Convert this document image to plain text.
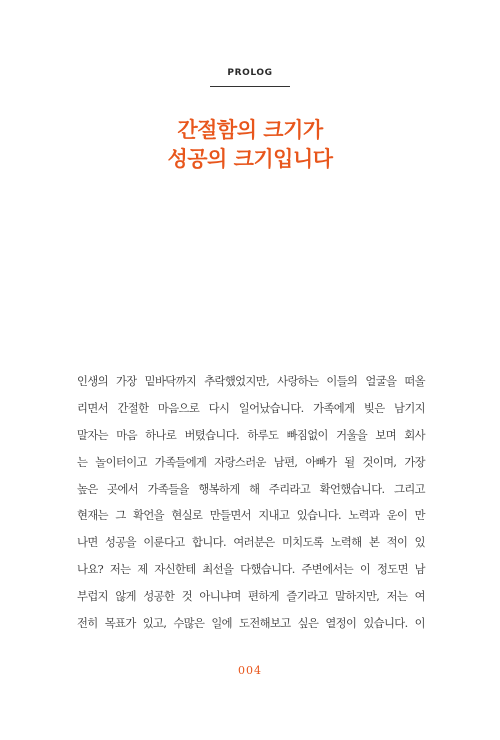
PROLOG
간절함의 크기가
성공의 크기입니다
인생의 가장 밑바닥까지 추락했었지만, 사랑하는 이들의 얼굴을 떠올
리면서 간절한 마음으로 다시 일어났습니다. 가족에게 빚은 남기지
말자는 마음 하나로 버텼습니다. 하루도 빠짐없이 거울을 보며 회사
는 놀이터이고 가족들에게 자랑스러운 남편, 아빠가 될 것이며, 가장
높은 곳에서 가족들을 행복하게 해 주리라고 확언했습니다. 그리고
현재는 그 확언을 현실로 만들면서 지내고 있습니다. 노력과 운이 만
나면 성공을 이룬다고 합니다. 여러분은 미치도록 노력해 본 적이 있
나요? 저는 제 자신한테 최선을 다했습니다. 주변에서는 이 정도면 남
부럽지 않게 성공한 것 아니냐며 편하게 즐기라고 말하지만, 저는 여
전히 목표가 있고, 수많은 일에 도전해보고 싶은 열정이 있습니다. 이
004
